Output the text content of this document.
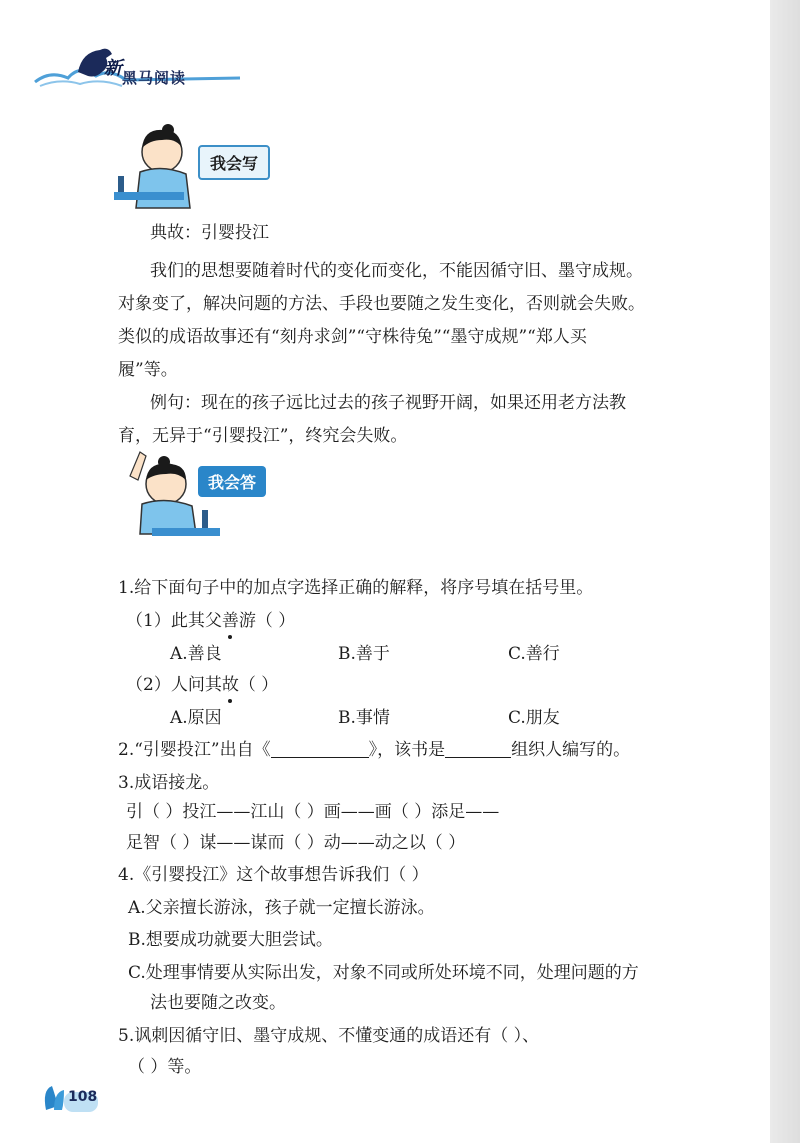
新 黑马阅读
我会写
典故：引婴投江
我们的思想要随着时代的变化而变化，不能因循守旧、墨守成规。
对象变了，解决问题的方法、手段也要随之发生变化，否则就会失败。
类似的成语故事还有“刻舟求剑”“守株待兔”“墨守成规”“郑人买
履”等。
例句：现在的孩子远比过去的孩子视野开阔，如果还用老方法教
育，无异于“引婴投江”，终究会失败。
我会答
1.给下面句子中的加点字选择正确的解释，将序号填在括号里。
（1）此其父善游（ ）
A.善良	B.善于	C.善行
（2）人问其故（ ）
A.原因	B.事情	C.朋友
2.“引婴投江”出自《	》，该书是	组织人编写的。
3.成语接龙。
引（ ）投江——江山（ ）画——画（ ）添足——
足智（ ）谋——谋而（ ）动——动之以（ ）
4.《引婴投江》这个故事想告诉我们（ ）
A.父亲擅长游泳，孩子就一定擅长游泳。
B.想要成功就要大胆尝试。
C.处理事情要从实际出发，对象不同或所处环境不同，处理问题的方
法也要随之改变。
5.讽刺因循守旧、墨守成规、不懂变通的成语还有（ ）、
（ ）等。
108
